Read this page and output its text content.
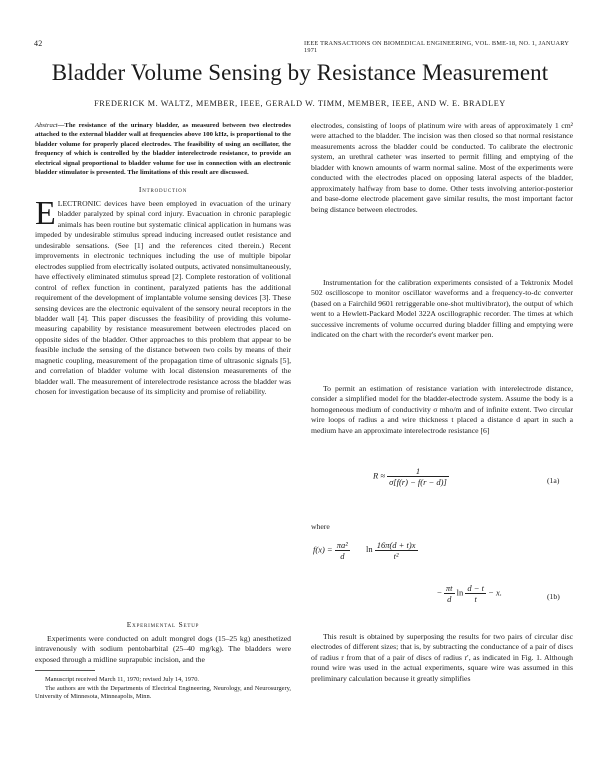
42	IEEE TRANSACTIONS ON BIOMEDICAL ENGINEERING, VOL. BME-18, NO. 1, JANUARY 1971
Bladder Volume Sensing by Resistance Measurement
FREDERICK M. WALTZ, MEMBER, IEEE, GERALD W. TIMM, MEMBER, IEEE, AND W. E. BRADLEY
Abstract—The resistance of the urinary bladder, as measured between two electrodes attached to the external bladder wall at frequencies above 100 kHz, is proportional to the bladder volume for properly placed electrodes. The feasibility of using an oscillator, the frequency of which is controlled by the bladder interelectrode resistance, to provide an electrical signal proportional to bladder volume for use in connection with an electronic bladder stimulator is presented. The limitations of this result are discussed.
Introduction
ELECTRONIC devices have been employed in evacuation of the urinary bladder paralyzed by spinal cord injury. Evacuation in chronic paraplegic animals has been routine but systematic clinical application in humans was impeded by undesirable stimulus spread inducing increased outlet resistance and undesirable sensations. (See [1] and the references cited therein.) Recent improvements in electronic techniques including the use of multiple bipolar electrodes supplied from electrically isolated outputs, activated nonsimultaneously, have effectively eliminated stimulus spread [2]. Complete restoration of volitional control of reflex function in continent, paralyzed patients has the additional requirement of the development of implantable volume sensing devices [3]. These sensing devices are the electronic equivalent of the sensory neural receptors in the bladder wall [4]. This paper discusses the feasibility of providing this volume-measuring capability by resistance measurement between electrodes placed on opposite sides of the bladder. Other approaches to this problem that appear to be feasible include the sensing of the distance between two coils by means of their magnetic coupling, measurement of the propagation time of ultrasonic signals [5], and correlation of bladder volume with local distension measurements of the bladder wall. The measurement of interelectrode resistance across the bladder was chosen for investigation because of its simplicity and promise of reliability.
Experimental Setup
Experiments were conducted on adult mongrel dogs (15–25 kg) anesthetized intravenously with sodium pentobarbital (25–40 mg/kg). The bladders were exposed through a midline suprapubic incision, and the
Manuscript received March 11, 1970; revised July 14, 1970.
The authors are with the Departments of Electrical Engineering, Neurology, and Neurosurgery, University of Minnesota, Minneapolis, Minn.
electrodes, consisting of loops of platinum wire with areas of approximately 1 cm² were attached to the bladder. The incision was then closed so that normal resistance measurements across the bladder could be conducted. To calibrate the electronic system, an urethral catheter was inserted to permit filling and emptying of the bladder with known amounts of warm normal saline. Most of the experiments were conducted with the electrodes placed on opposing lateral aspects of the bladder, approximately halfway from base to dome. Other tests involving anterior-posterior and base-dome electrode placement gave similar results, the most important factor being distance between electrodes.
Instrumentation for the calibration experiments consisted of a Tektronix Model 502 oscilloscope to monitor oscillator waveforms and a frequency-to-dc converter (based on a Fairchild 9601 retriggerable one-shot multivibrator), the output of which went to a Hewlett-Packard Model 322A oscillographic recorder. The times at which successive increments of volume occurred during bladder filling and emptying were indicated on the chart with the recorder's event marker pen.
To permit an estimation of resistance variation with interelectrode distance, consider a simplified model for the bladder-electrode system. Assume the body is a homogeneous medium of conductivity σ mho/m and of infinite extent. Two circular wire loops of radius a and wire thickness t placed a distance d apart in such a medium have an approximate interelectrode resistance [6]
$R \approx \frac{1}{\sigma[f(r) - f(r - d)]}$	(1a)
where
$f(x) = \frac{\text{πa²}}{d}$ $\ln \frac{16\pi(d + t)x}{\text{t²}}$
− $\frac{\pi t}{d}$ $\ln \frac{d - t}{t} - x$.	(1b)
This result is obtained by superposing the results for two pairs of circular disc electrodes of different sizes; that is, by subtracting the conductance of a pair of discs of radius r from that of a pair of discs of radius r′, as indicated in Fig. 1. Although round wire was used in the actual experiments, square wire was assumed in this preliminary calculation because it greatly simplifies
